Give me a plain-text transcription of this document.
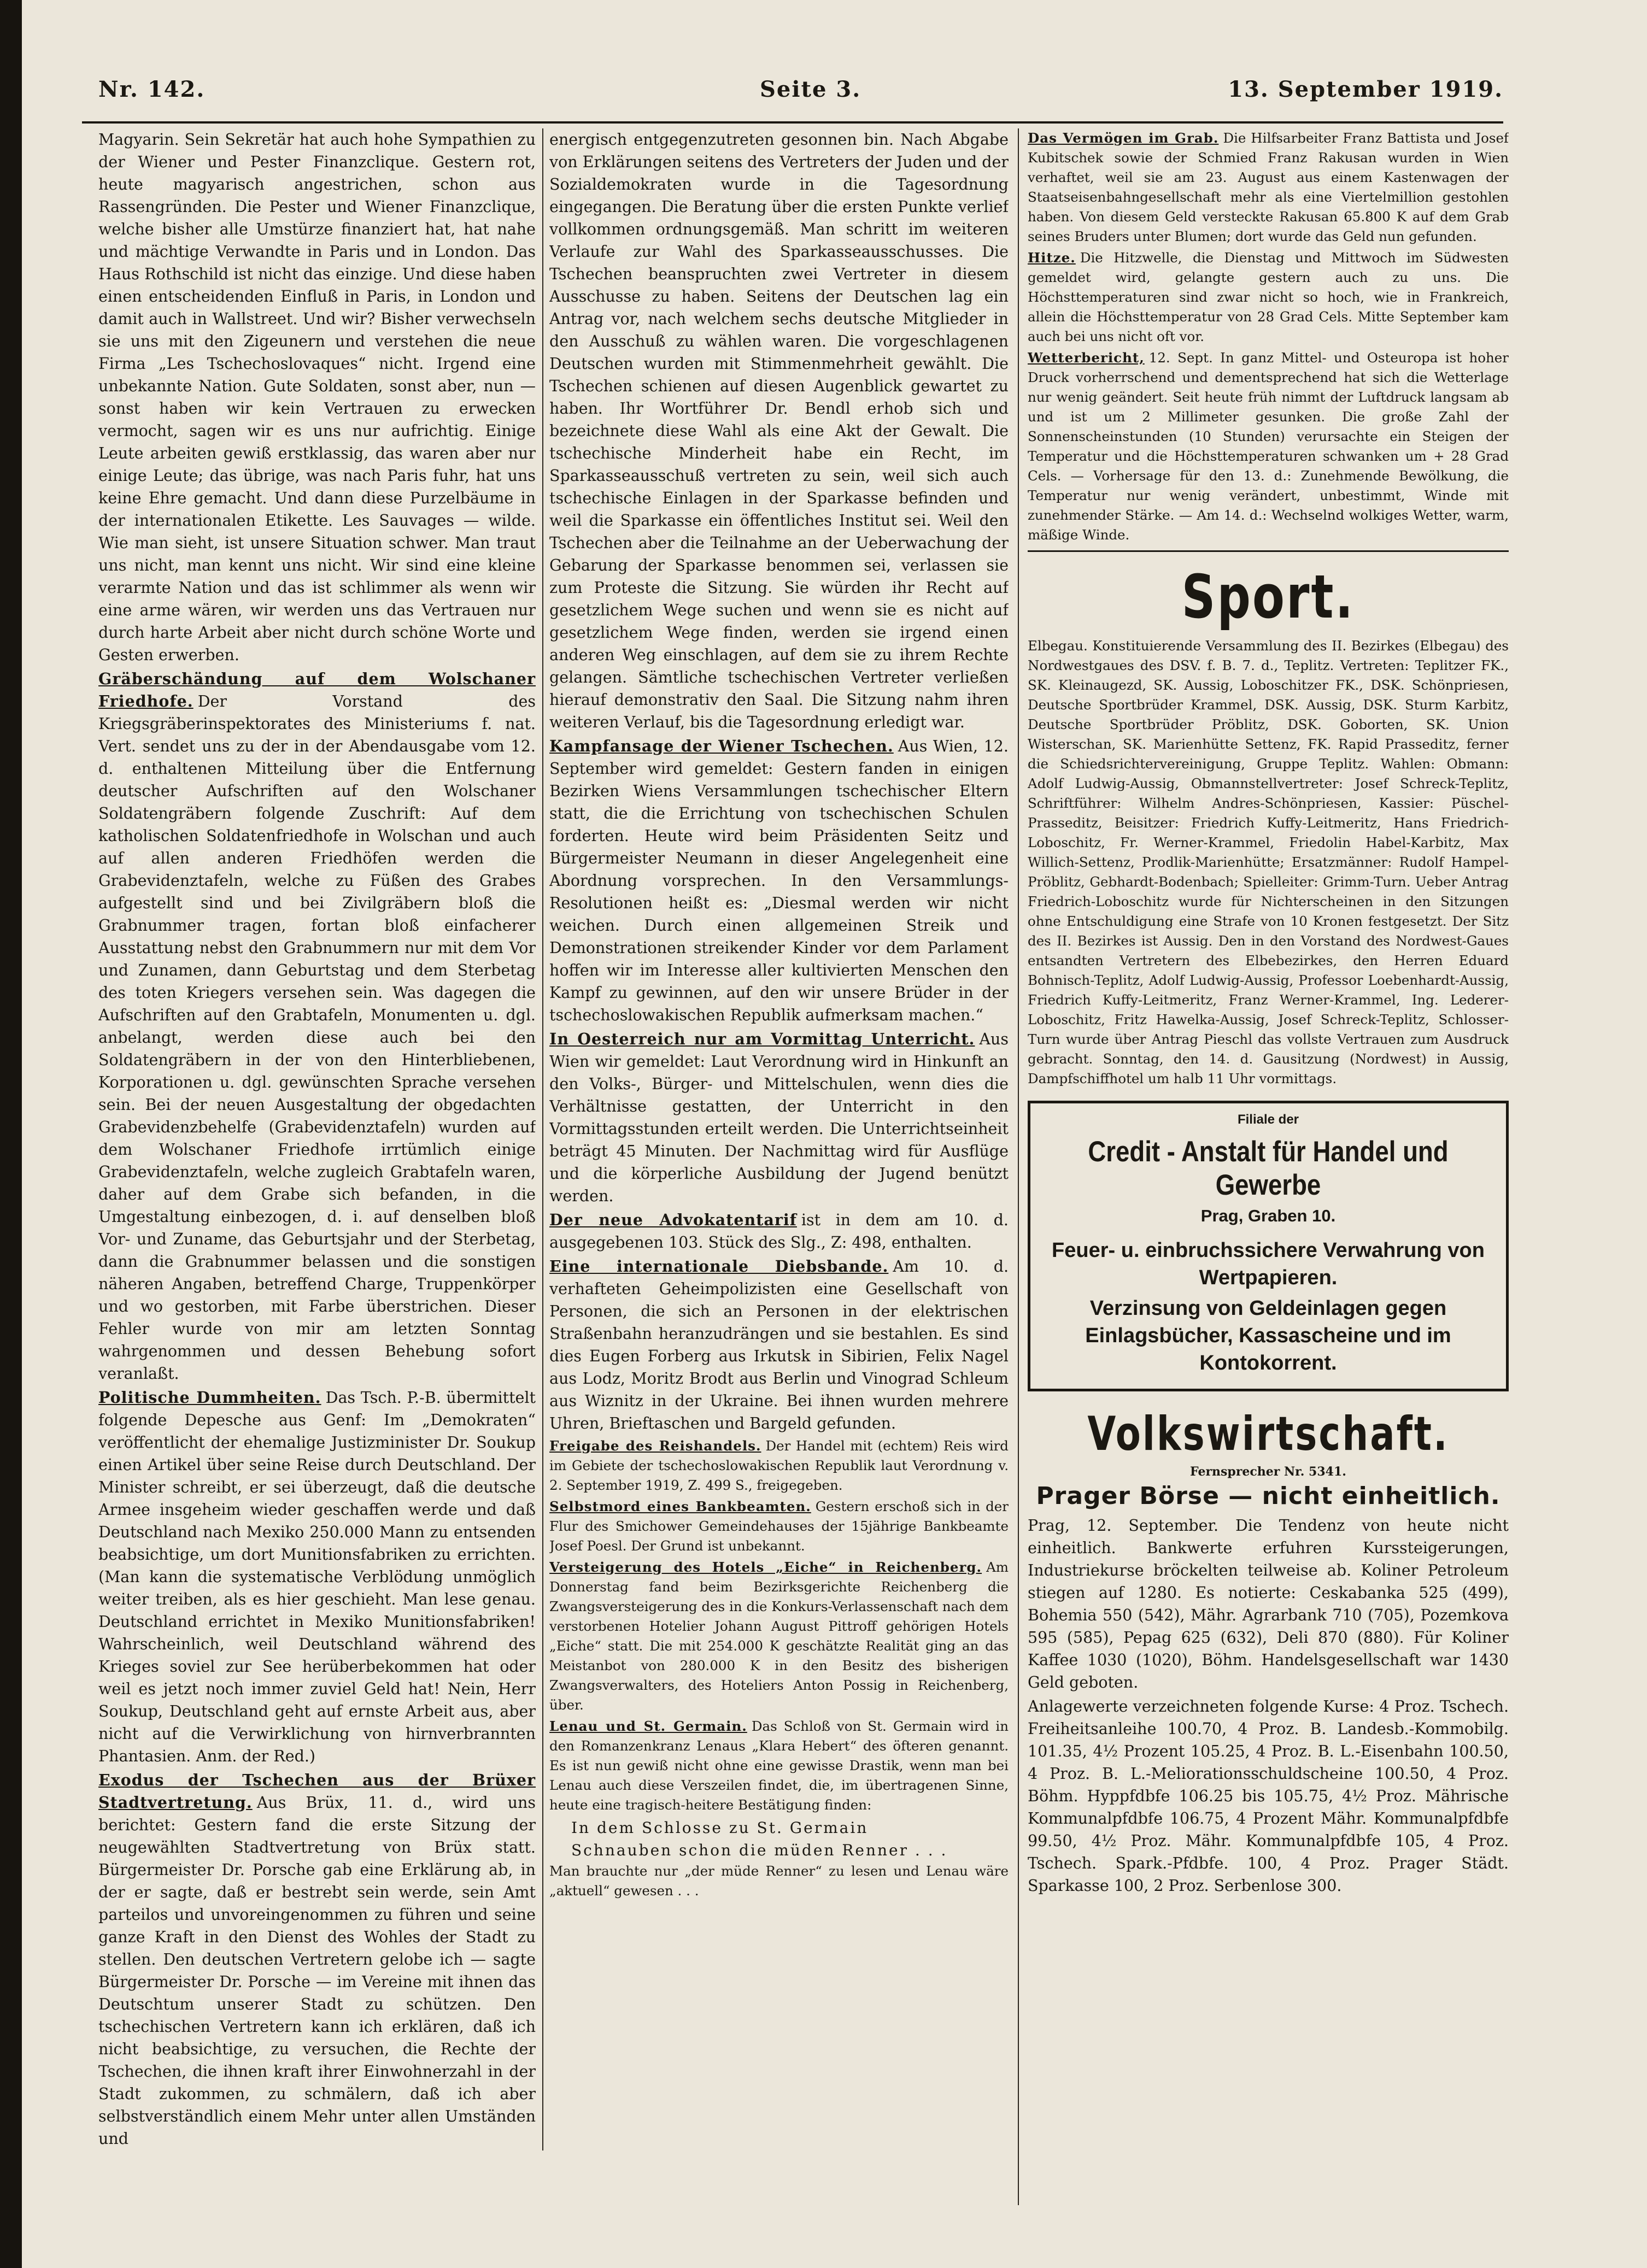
Nr. 142.	Seite 3.	13. September 1919.

Magyarin. Sein Sekretär hat auch hohe Sympathien zu der Wiener und Pester Finanzclique. Gestern rot, heute magyarisch angestrichen, schon aus Rassengründen. Die Pester und Wiener Finanzclique, welche bisher alle Umstürze finanziert hat, hat nahe und mächtige Verwandte in Paris und in London. Das Haus Rothschild ist nicht das einzige. Und diese haben einen entscheidenden Einfluß in Paris, in London und damit auch in Wallstreet. Und wir? Bisher verwechseln sie uns mit den Zigeunern und verstehen die neue Firma „Les Tschechoslovaques“ nicht. Irgend eine unbekannte Nation. Gute Soldaten, sonst aber, nun — sonst haben wir kein Vertrauen zu erwecken vermocht, sagen wir es uns nur aufrichtig. Einige Leute arbeiten gewiß erstklassig, das waren aber nur einige Leute; das übrige, was nach Paris fuhr, hat uns keine Ehre gemacht. Und dann diese Purzelbäume in der internationalen Etikette. Les Sauvages — wilde. Wie man sieht, ist unsere Situation schwer. Man traut uns nicht, man kennt uns nicht. Wir sind eine kleine verarmte Nation und das ist schlimmer als wenn wir eine arme wären, wir werden uns das Vertrauen nur durch harte Arbeit aber nicht durch schöne Worte und Gesten erwerben.

Gräberschändung auf dem Wolschaner Friedhofe. Der Vorstand des Kriegsgräberinspektorates des Ministeriums f. nat. Vert. sendet uns zu der in der Abendausgabe vom 12. d. enthaltenen Mitteilung über die Entfernung deutscher Aufschriften auf den Wolschaner Soldatengräbern folgende Zuschrift: Auf dem katholischen Soldatenfriedhofe in Wolschan und auch auf allen anderen Friedhöfen werden die Grabevidenztafeln, welche zu Füßen des Grabes aufgestellt sind und bei Zivilgräbern bloß die Grabnummer tragen, fortan bloß einfacherer Ausstattung nebst den Grabnummern nur mit dem Vor und Zunamen, dann Geburtstag und dem Sterbetag des toten Kriegers versehen sein. Was dagegen die Aufschriften auf den Grabtafeln, Monumenten u. dgl. anbelangt, werden diese auch bei den Soldatengräbern in der von den Hinterbliebenen, Korporationen u. dgl. gewünschten Sprache versehen sein. Bei der neuen Ausgestaltung der obgedachten Grabevidenzbehelfe (Grabevidenztafeln) wurden auf dem Wolschaner Friedhofe irrtümlich einige Grabevidenztafeln, welche zugleich Grabtafeln waren, daher auf dem Grabe sich befanden, in die Umgestaltung einbezogen, d. i. auf denselben bloß Vor- und Zuname, das Geburtsjahr und der Sterbetag, dann die Grabnummer belassen und die sonstigen näheren Angaben, betreffend Charge, Truppenkörper und wo gestorben, mit Farbe überstrichen. Dieser Fehler wurde von mir am letzten Sonntag wahrgenommen und dessen Behebung sofort veranlaßt.

Politische Dummheiten. Das Tsch. P.-B. übermittelt folgende Depesche aus Genf: Im „Demokraten“ veröffentlicht der ehemalige Justizminister Dr. Soukup einen Artikel über seine Reise durch Deutschland. Der Minister schreibt, er sei überzeugt, daß die deutsche Armee insgeheim wieder geschaffen werde und daß Deutschland nach Mexiko 250.000 Mann zu entsenden beabsichtige, um dort Munitionsfabriken zu errichten. (Man kann die systematische Verblödung unmöglich weiter treiben, als es hier geschieht. Man lese genau. Deutschland errichtet in Mexiko Munitionsfabriken! Wahrscheinlich, weil Deutschland während des Krieges soviel zur See herüberbekommen hat oder weil es jetzt noch immer zuviel Geld hat! Nein, Herr Soukup, Deutschland geht auf ernste Arbeit aus, aber nicht auf die Verwirklichung von hirnverbrannten Phantasien. Anm. der Red.)

Exodus der Tschechen aus der Brüxer Stadtvertretung. Aus Brüx, 11. d., wird uns berichtet: Gestern fand die erste Sitzung der neugewählten Stadtvertretung von Brüx statt. Bürgermeister Dr. Porsche gab eine Erklärung ab, in der er sagte, daß er bestrebt sein werde, sein Amt parteilos und unvoreingenommen zu führen und seine ganze Kraft in den Dienst des Wohles der Stadt zu stellen. Den deutschen Vertretern gelobe ich — sagte Bürgermeister Dr. Porsche — im Vereine mit ihnen das Deutschtum unserer Stadt zu schützen. Den tschechischen Vertretern kann ich erklären, daß ich nicht beabsichtige, zu versuchen, die Rechte der Tschechen, die ihnen kraft ihrer Einwohnerzahl in der Stadt zukommen, zu schmälern, daß ich aber selbstverständlich einem Mehr unter allen Umständen und

energisch entgegenzutreten gesonnen bin. Nach Abgabe von Erklärungen seitens des Vertreters der Juden und der Sozialdemokraten wurde in die Tagesordnung eingegangen. Die Beratung über die ersten Punkte verlief vollkommen ordnungsgemäß. Man schritt im weiteren Verlaufe zur Wahl des Sparkasseausschusses. Die Tschechen beanspruchten zwei Vertreter in diesem Ausschusse zu haben. Seitens der Deutschen lag ein Antrag vor, nach welchem sechs deutsche Mitglieder in den Ausschuß zu wählen waren. Die vorgeschlagenen Deutschen wurden mit Stimmenmehrheit gewählt. Die Tschechen schienen auf diesen Augenblick gewartet zu haben. Ihr Wortführer Dr. Bendl erhob sich und bezeichnete diese Wahl als eine Akt der Gewalt. Die tschechische Minderheit habe ein Recht, im Sparkasseausschuß vertreten zu sein, weil sich auch tschechische Einlagen in der Sparkasse befinden und weil die Sparkasse ein öffentliches Institut sei. Weil den Tschechen aber die Teilnahme an der Ueberwachung der Gebarung der Sparkasse benommen sei, verlassen sie zum Proteste die Sitzung. Sie würden ihr Recht auf gesetzlichem Wege suchen und wenn sie es nicht auf gesetzlichem Wege finden, werden sie irgend einen anderen Weg einschlagen, auf dem sie zu ihrem Rechte gelangen. Sämtliche tschechischen Vertreter verließen hierauf demonstrativ den Saal. Die Sitzung nahm ihren weiteren Verlauf, bis die Tagesordnung erledigt war.

Kampfansage der Wiener Tschechen. Aus Wien, 12. September wird gemeldet: Gestern fanden in einigen Bezirken Wiens Versammlungen tschechischer Eltern statt, die die Errichtung von tschechischen Schulen forderten. Heute wird beim Präsidenten Seitz und Bürgermeister Neumann in dieser Angelegenheit eine Abordnung vorsprechen. In den Versammlungs-Resolutionen heißt es: „Diesmal werden wir nicht weichen. Durch einen allgemeinen Streik und Demonstrationen streikender Kinder vor dem Parlament hoffen wir im Interesse aller kultivierten Menschen den Kampf zu gewinnen, auf den wir unsere Brüder in der tschechoslowakischen Republik aufmerksam machen.“

In Oesterreich nur am Vormittag Unterricht. Aus Wien wir gemeldet: Laut Verordnung wird in Hinkunft an den Volks-, Bürger- und Mittelschulen, wenn dies die Verhältnisse gestatten, der Unterricht in den Vormittagsstunden erteilt werden. Die Unterrichtseinheit beträgt 45 Minuten. Der Nachmittag wird für Ausflüge und die körperliche Ausbildung der Jugend benützt werden.

Der neue Advokatentarif ist in dem am 10. d. ausgegebenen 103. Stück des Slg., Z: 498, enthalten.

Eine internationale Diebsbande. Am 10. d. verhafteten Geheimpolizisten eine Gesellschaft von Personen, die sich an Personen in der elektrischen Straßenbahn heranzudrängen und sie bestahlen. Es sind dies Eugen Forberg aus Irkutsk in Sibirien, Felix Nagel aus Lodz, Moritz Brodt aus Berlin und Vinograd Schleum aus Wiznitz in der Ukraine. Bei ihnen wurden mehrere Uhren, Brieftaschen und Bargeld gefunden.

Freigabe des Reishandels. Der Handel mit (echtem) Reis wird im Gebiete der tschechoslowakischen Republik laut Verordnung v. 2. September 1919, Z. 499 S., freigegeben.

Selbstmord eines Bankbeamten. Gestern erschoß sich in der Flur des Smichower Gemeindehauses der 15jährige Bankbeamte Josef Poesl. Der Grund ist unbekannt.

Versteigerung des Hotels „Eiche“ in Reichenberg. Am Donnerstag fand beim Bezirksgerichte Reichenberg die Zwangsversteigerung des in die Konkurs-Verlassenschaft nach dem verstorbenen Hotelier Johann August Pittroff gehörigen Hotels „Eiche“ statt. Die mit 254.000 K geschätzte Realität ging an das Meistanbot von 280.000 K in den Besitz des bisherigen Zwangsverwalters, des Hoteliers Anton Possig in Reichenberg, über.

Lenau und St. Germain. Das Schloß von St. Germain wird in den Romanzenkranz Lenaus „Klara Hebert“ des öfteren genannt. Es ist nun gewiß nicht ohne eine gewisse Drastik, wenn man bei Lenau auch diese Verszeilen findet, die, im übertragenen Sinne, heute eine tragisch-heitere Bestätigung finden:

In dem Schlosse zu St. Germain
Schnauben schon die müden Renner . . .

Man brauchte nur „der müde Renner“ zu lesen und Lenau wäre „aktuell“ gewesen . . .

Das Vermögen im Grab. Die Hilfsarbeiter Franz Battista und Josef Kubitschek sowie der Schmied Franz Rakusan wurden in Wien verhaftet, weil sie am 23. August aus einem Kastenwagen der Staatseisenbahngesellschaft mehr als eine Viertelmillion gestohlen haben. Von diesem Geld versteckte Rakusan 65.800 K auf dem Grab seines Bruders unter Blumen; dort wurde das Geld nun gefunden.

Hitze. Die Hitzwelle, die Dienstag und Mittwoch im Südwesten gemeldet wird, gelangte gestern auch zu uns. Die Höchsttemperaturen sind zwar nicht so hoch, wie in Frankreich, allein die Höchsttemperatur von 28 Grad Cels. Mitte September kam auch bei uns nicht oft vor.

Wetterbericht, 12. Sept. In ganz Mittel- und Osteuropa ist hoher Druck vorherrschend und dementsprechend hat sich die Wetterlage nur wenig geändert. Seit heute früh nimmt der Luftdruck langsam ab und ist um 2 Millimeter gesunken. Die große Zahl der Sonnenscheinstunden (10 Stunden) verursachte ein Steigen der Temperatur und die Höchsttemperaturen schwanken um + 28 Grad Cels. — Vorhersage für den 13. d.: Zunehmende Bewölkung, die Temperatur nur wenig verändert, unbestimmt, Winde mit zunehmender Stärke. — Am 14. d.: Wechselnd wolkiges Wetter, warm, mäßige Winde.

Sport.

Elbegau. Konstituierende Versammlung des II. Bezirkes (Elbegau) des Nordwestgaues des DSV. f. B. 7. d., Teplitz. Vertreten: Teplitzer FK., SK. Kleinaugezd, SK. Aussig, Loboschitzer FK., DSK. Schönpriesen, Deutsche Sportbrüder Krammel, DSK. Aussig, DSK. Sturm Karbitz, Deutsche Sportbrüder Pröblitz, DSK. Goborten, SK. Union Wisterschan, SK. Marienhütte Settenz, FK. Rapid Prasseditz, ferner die Schiedsrichtervereinigung, Gruppe Teplitz. Wahlen: Obmann: Adolf Ludwig-Aussig, Obmannstellvertreter: Josef Schreck-Teplitz, Schriftführer: Wilhelm Andres-Schönpriesen, Kassier: Püschel-Prasseditz, Beisitzer: Friedrich Kuffy-Leitmeritz, Hans Friedrich-Loboschitz, Fr. Werner-Krammel, Friedolin Habel-Karbitz, Max Willich-Settenz, Prodlik-Marienhütte; Ersatzmänner: Rudolf Hampel-Pröblitz, Gebhardt-Bodenbach; Spielleiter: Grimm-Turn. Ueber Antrag Friedrich-Loboschitz wurde für Nichterscheinen in den Sitzungen ohne Entschuldigung eine Strafe von 10 Kronen festgesetzt. Der Sitz des II. Bezirkes ist Aussig. Den in den Vorstand des Nordwest-Gaues entsandten Vertretern des Elbebezirkes, den Herren Eduard Bohnisch-Teplitz, Adolf Ludwig-Aussig, Professor Loebenhardt-Aussig, Friedrich Kuffy-Leitmeritz, Franz Werner-Krammel, Ing. Lederer-Loboschitz, Fritz Hawelka-Aussig, Josef Schreck-Teplitz, Schlosser-Turn wurde über Antrag Pieschl das vollste Vertrauen zum Ausdruck gebracht. Sonntag, den 14. d. Gausitzung (Nordwest) in Aussig, Dampfschiffhotel um halb 11 Uhr vormittags.

Filiale der
Credit - Anstalt für Handel und Gewerbe
Prag, Graben 10.
Feuer- u. einbruchssichere Verwahrung von Wertpapieren.
Verzinsung von Geldeinlagen gegen Einlagsbücher, Kassascheine und im Kontokorrent.
Volkswirtschaft.
Fernsprecher Nr. 5341.
Prager Börse — nicht einheitlich.

Prag, 12. September. Die Tendenz von heute nicht einheitlich. Bankwerte erfuhren Kurssteigerungen, Industriekurse bröckelten teilweise ab. Koliner Petroleum stiegen auf 1280. Es notierte: Ceskabanka 525 (499), Bohemia 550 (542), Mähr. Agrarbank 710 (705), Pozemkova 595 (585), Pepag 625 (632), Deli 870 (880). Für Koliner Kaffee 1030 (1020), Böhm. Handelsgesellschaft war 1430 Geld geboten.

Anlagewerte verzeichneten folgende Kurse: 4 Proz. Tschech. Freiheitsanleihe 100.70, 4 Proz. B. Landesb.-Kommobilg. 101.35, 4½ Prozent 105.25, 4 Proz. B. L.-Eisenbahn 100.50, 4 Proz. B. L.-Meliorationsschuldscheine 100.50, 4 Proz. Böhm. Hyppfdbfe 106.25 bis 105.75, 4½ Proz. Mährische Kommunalpfdbfe 106.75, 4 Prozent Mähr. Kommunalpfdbfe 99.50, 4½ Proz. Mähr. Kommunalpfdbfe 105, 4 Proz. Tschech. Spark.-Pfdbfe. 100, 4 Proz. Prager Städt. Sparkasse 100, 2 Proz. Serbenlose 300.
